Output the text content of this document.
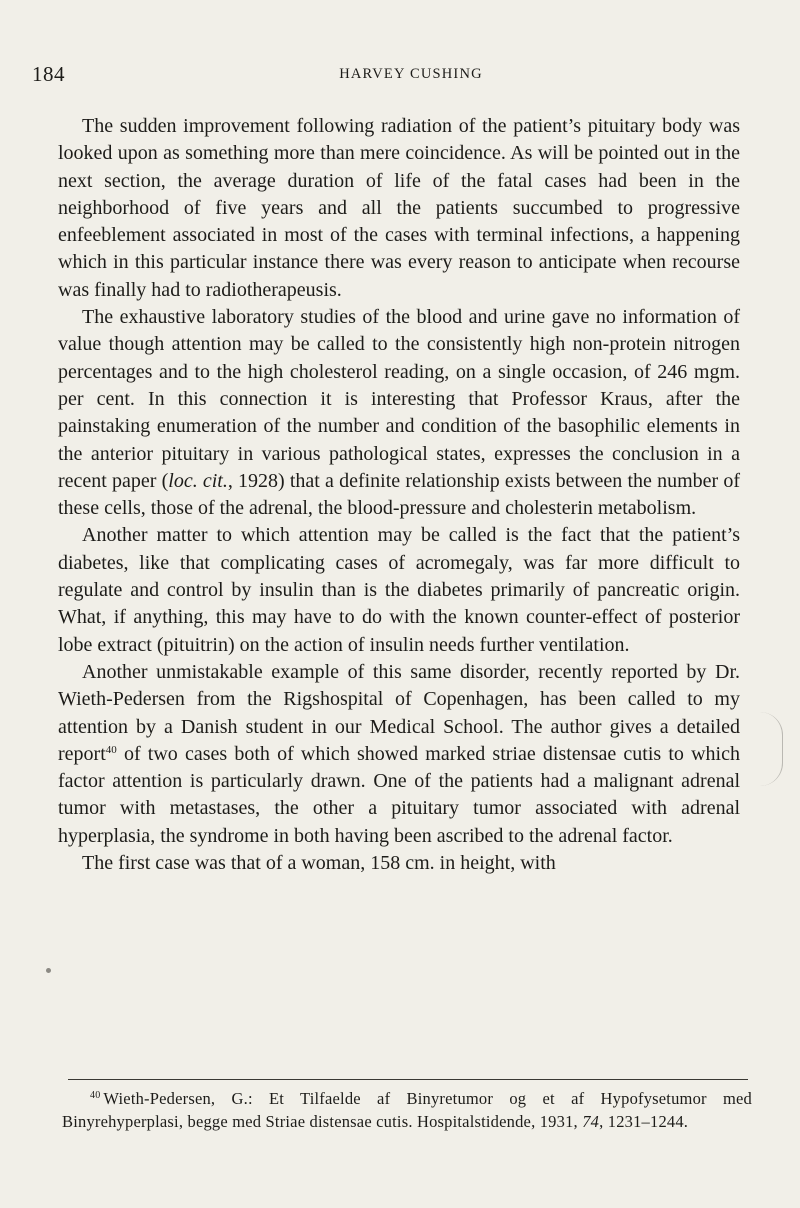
184	HARVEY CUSHING

The sudden improvement following radiation of the patient’s pituitary body was looked upon as something more than mere coincidence. As will be pointed out in the next section, the average duration of life of the fatal cases had been in the neighborhood of five years and all the patients succumbed to progressive enfeeblement associated in most of the cases with terminal infections, a happening which in this particular instance there was every reason to anticipate when recourse was finally had to radiotherapeusis.

The exhaustive laboratory studies of the blood and urine gave no information of value though attention may be called to the consistently high non-protein nitrogen percentages and to the high cholesterol reading, on a single occasion, of 246 mgm. per cent. In this connection it is interesting that Professor Kraus, after the painstaking enumeration of the number and condition of the basophilic elements in the anterior pituitary in various pathological states, expresses the conclusion in a recent paper (loc. cit., 1928) that a definite relationship exists between the number of these cells, those of the adrenal, the blood-pressure and cholesterin metabolism.

Another matter to which attention may be called is the fact that the patient’s diabetes, like that complicating cases of acromegaly, was far more difficult to regulate and control by insulin than is the diabetes primarily of pancreatic origin. What, if anything, this may have to do with the known counter-effect of posterior lobe extract (pituitrin) on the action of insulin needs further ventilation.

Another unmistakable example of this same disorder, recently reported by Dr. Wieth-Pedersen from the Rigshospital of Copenhagen, has been called to my attention by a Danish student in our Medical School. The author gives a detailed report$^{40}$ of two cases both of which showed marked striae distensae cutis to which factor attention is particularly drawn. One of the patients had a malignant adrenal tumor with metastases, the other a pituitary tumor associated with adrenal hyperplasia, the syndrome in both having been ascribed to the adrenal factor.

The first case was that of a woman, 158 cm. in height, with

$^{40}$ Wieth-Pedersen, G.: Et Tilfaelde af Binyretumor og et af Hypofysetumor med Binyrehyperplasi, begge med Striae distensae cutis. Hospitalstidende, 1931, 74, 1231–1244.
